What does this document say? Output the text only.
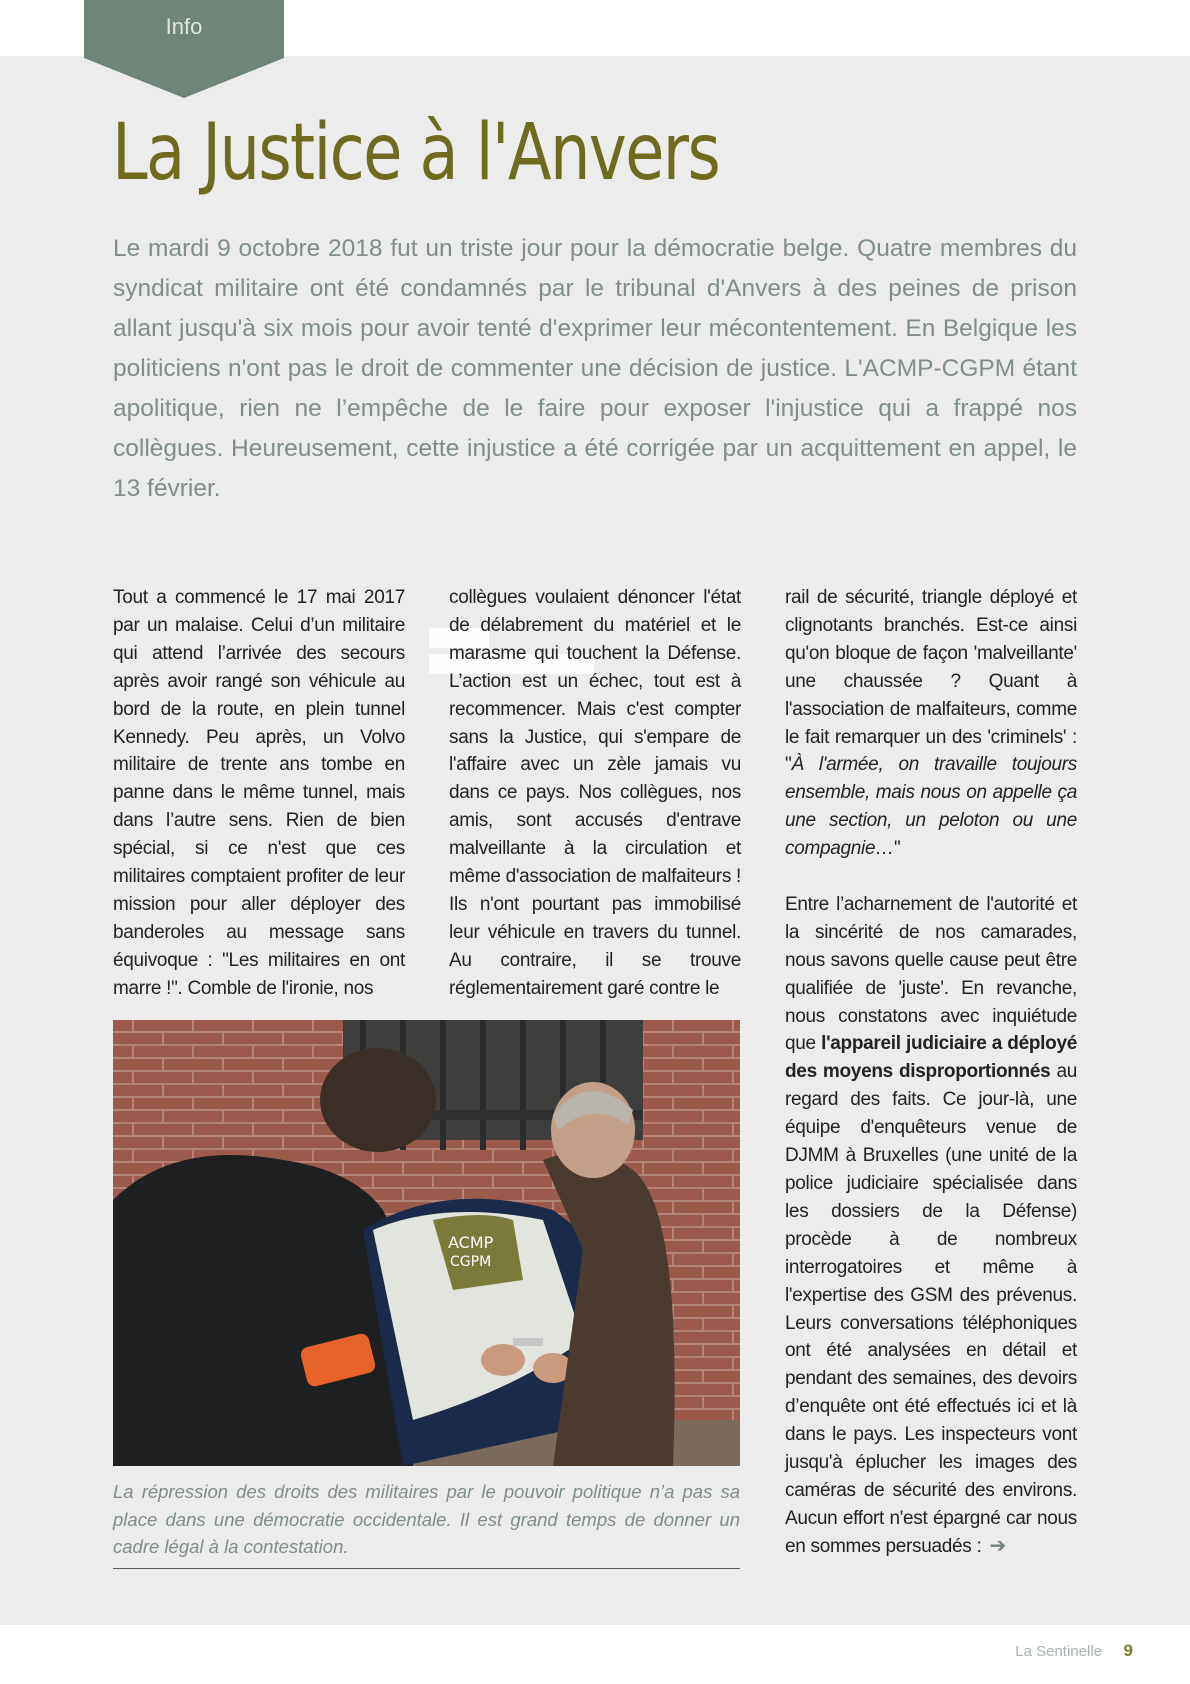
Info
La Justice à l'Anvers

Le mardi 9 octobre 2018 fut un triste jour pour la démocratie belge. Quatre membres du syndicat militaire ont été condamnés par le tribunal d'Anvers à des peines de prison allant jusqu'à six mois pour avoir tenté d'exprimer leur mécontentement. En Belgique les politiciens n'ont pas le droit de commenter une décision de justice. L'ACMP-CGPM étant apolitique, rien ne l’empêche de le faire pour exposer l'injustice qui a frappé nos collègues. Heureusement, cette injustice a été corrigée par un acquittement en appel, le 13 février.

Tout a commencé le 17 mai 2017 par un malaise. Celui d’un militaire qui attend l’arrivée des secours après avoir rangé son véhicule au bord de la route, en plein tunnel Kennedy. Peu après, un Volvo militaire de trente ans tombe en panne dans le même tunnel, mais dans l’autre sens. Rien de bien spécial, si ce n'est que ces militaires comptaient profiter de leur mission pour aller déployer des banderoles au message sans équivoque : "Les militaires en ont marre !". Comble de l'ironie, nos

collègues voulaient dénoncer l'état de délabrement du matériel et le marasme qui touchent la Défense. L’action est un échec, tout est à recommencer. Mais c'est compter sans la Justice, qui s'empare de l'affaire avec un zèle jamais vu dans ce pays. Nos collègues, nos amis, sont accusés d'entrave malveillante à la circulation et même d'association de malfaiteurs ! Ils n'ont pourtant pas immobilisé leur véhicule en travers du tunnel. Au contraire, il se trouve réglementairement garé contre le

rail de sécurité, triangle déployé et clignotants branchés. Est-ce ainsi qu'on bloque de façon 'malveillante' une chaussée ? Quant à l'association de malfaiteurs, comme le fait remarquer un des 'criminels' : "À l'armée, on travaille toujours ensemble, mais nous on appelle ça une section, un peloton ou une compagnie…"

Entre l’acharnement de l'autorité et la sincérité de nos camarades, nous savons quelle cause peut être qualifiée de 'juste'. En revanche, nous constatons avec inquiétude que l'appareil judiciaire a déployé des moyens disproportionnés au regard des faits. Ce jour-là, une équipe d'enquêteurs venue de DJMM à Bruxelles (une unité de la police judiciaire spécialisée dans les dossiers de la Défense) procède à de nombreux interrogatoires et même à l'expertise des GSM des prévenus. Leurs conversations téléphoniques ont été analysées en détail et pendant des semaines, des devoirs d’enquête ont été effectués ici et là dans le pays. Les inspecteurs vont jusqu'à éplucher les images des caméras de sécurité des environs. Aucun effort n'est épargné car nous en sommes persuadés : ➔

ACMP
CGPM

La répression des droits des militaires par le pouvoir politique n’a pas sa place dans une démocratie occidentale. Il est grand temps de donner un cadre légal à la contestation.

La Sentinelle 9
